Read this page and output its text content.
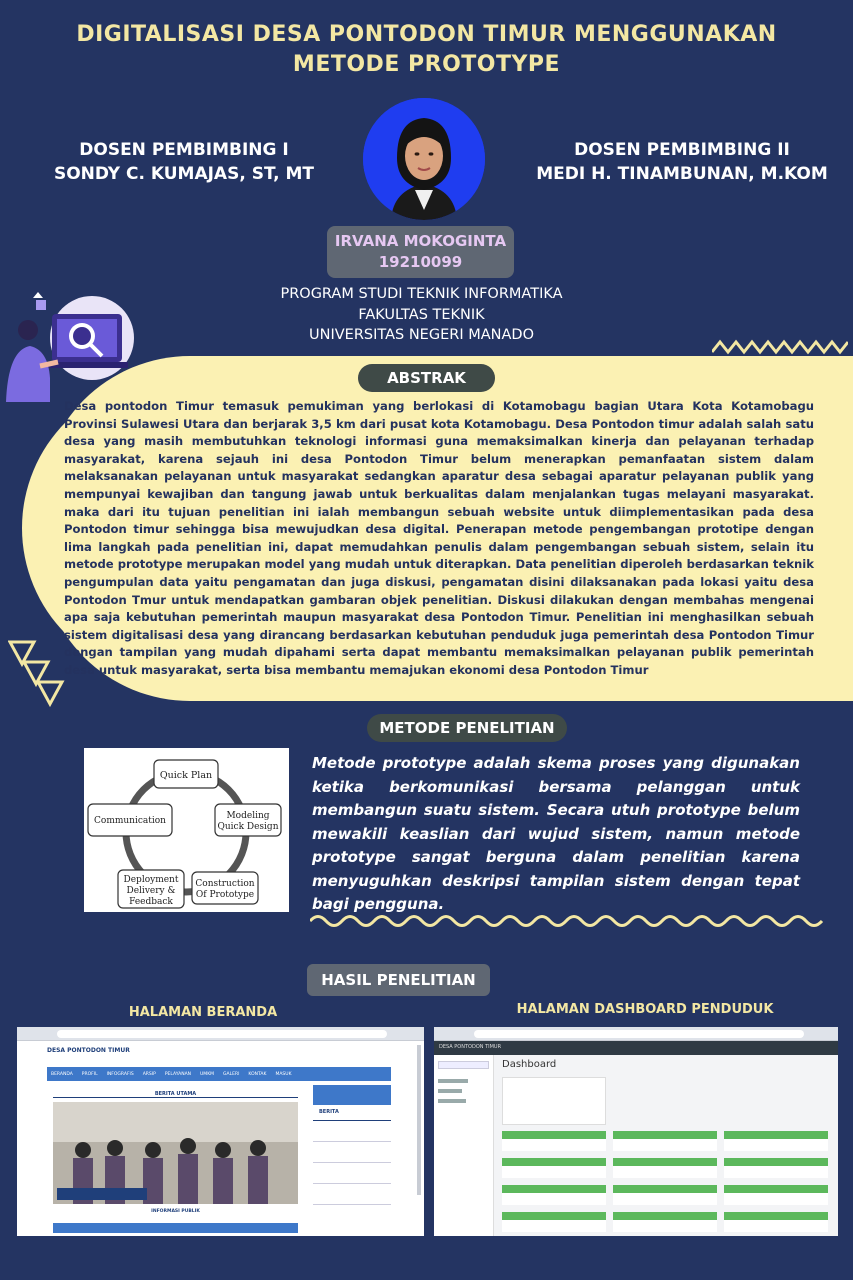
DIGITALISASI DESA PONTODON TIMUR MENGGUNAKAN
METODE PROTOTYPE
DOSEN PEMBIMBING I
SONDY C. KUMAJAS, ST, MT
DOSEN PEMBIMBING II
MEDI H. TINAMBUNAN, M.KOM
IRVANA MOKOGINTA
19210099
PROGRAM STUDI TEKNIK INFORMATIKA
FAKULTAS TEKNIK
UNIVERSITAS NEGERI MANADO
ABSTRAK
Desa pontodon Timur temasuk pemukiman yang berlokasi di Kotamobagu bagian Utara Kota Kotamobagu Provinsi Sulawesi Utara dan berjarak 3,5 km dari pusat kota Kotamobagu. Desa Pontodon timur adalah salah satu desa yang masih membutuhkan teknologi informasi guna memaksimalkan kinerja dan pelayanan terhadap masyarakat, karena sejauh ini desa Pontodon Timur belum menerapkan pemanfaatan sistem dalam melaksanakan pelayanan untuk masyarakat sedangkan aparatur desa sebagai aparatur pelayanan publik yang mempunyai kewajiban dan tangung jawab untuk berkualitas dalam menjalankan tugas melayani masyarakat. maka dari itu tujuan penelitian ini ialah membangun sebuah website untuk diimplementasikan pada desa Pontodon timur sehingga bisa mewujudkan desa digital. Penerapan metode pengembangan prototipe dengan lima langkah pada penelitian ini, dapat memudahkan penulis dalam pengembangan sebuah sistem, selain itu metode prototype merupakan model yang mudah untuk diterapkan. Data penelitian diperoleh berdasarkan teknik pengumpulan data yaitu pengamatan dan juga diskusi, pengamatan disini dilaksanakan pada lokasi yaitu desa Pontodon Tmur untuk mendapatkan gambaran objek penelitian. Diskusi dilakukan dengan membahas mengenai apa saja kebutuhan pemerintah maupun masyarakat desa Pontodon Timur. Penelitian ini menghasilkan sebuah sistem digitalisasi desa yang dirancang berdasarkan kebutuhan penduduk juga pemerintah desa Pontodon Timur dengan tampilan yang mudah dipahami serta dapat membantu memaksimalkan pelayanan publik pemerintah desa untuk masyarakat, serta bisa membantu memajukan ekonomi desa Pontodon Timur
METODE PENELITIAN
Quick Plan
Modeling
Quick Design
Construction
Of Prototype
Deployment
Delivery &
Feedback
Communication
Metode prototype adalah skema proses yang digunakan ketika berkomunikasi bersama pelanggan untuk membangun suatu sistem. Secara utuh prototype belum mewakili keaslian dari wujud sistem, namun metode prototype sangat berguna dalam penelitian karena menyuguhkan deskripsi tampilan sistem dengan tepat bagi pengguna.
HASIL PENELITIAN
HALAMAN BERANDA	HALAMAN DASHBOARD PENDUDUK
DESA PONTODON TIMUR
BERANDA PROFIL INFOGRAFIS ARSIP PELAYANAN UMKM GALERI KONTAK MASUK
BERITA UTAMA
INFORMASI PUBLIK
BERITA
DESA PONTODON TIMUR
Dashboard
